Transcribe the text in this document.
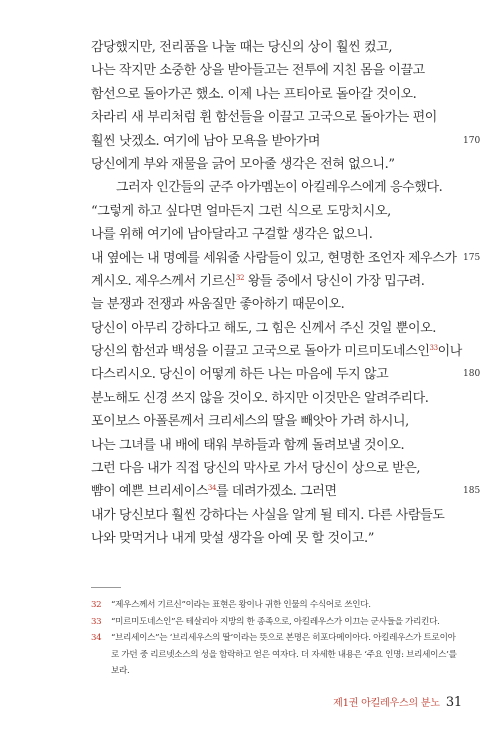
감당했지만, 전리품을 나눌 때는 당신의 상이 훨씬 컸고,
나는 작지만 소중한 상을 받아들고는 전투에 지친 몸을 이끌고
함선으로 돌아가곤 했소. 이제 나는 프티아로 돌아갈 것이오.
차라리 새 부리처럼 휜 함선들을 이끌고 고국으로 돌아가는 편이
훨씬 낫겠소. 여기에 남아 모욕을 받아가며	170
당신에게 부와 재물을 긁어 모아줄 생각은 전혀 없으니.”
그러자 인간들의 군주 아가멤논이 아킬레우스에게 응수했다.
“그렇게 하고 싶다면 얼마든지 그런 식으로 도망치시오,
나를 위해 여기에 남아달라고 구걸할 생각은 없으니.
내 옆에는 내 명예를 세워줄 사람들이 있고, 현명한 조언자 제우스가 175
계시오. 제우스께서 기르신$^{32}$ 왕들 중에서 당신이 가장 밉구려.
늘 분쟁과 전쟁과 싸움질만 좋아하기 때문이오.
당신이 아무리 강하다고 해도, 그 힘은 신께서 주신 것일 뿐이오.
당신의 함선과 백성을 이끌고 고국으로 돌아가 미르미도네스인$^{33}$이나
다스리시오. 당신이 어떻게 하든 나는 마음에 두지 않고	180
분노해도 신경 쓰지 않을 것이오. 하지만 이것만은 알려주리다.
포이보스 아폴론께서 크리세스의 딸을 빼앗아 가려 하시니,
나는 그녀를 내 배에 태워 부하들과 함께 돌려보낼 것이오.
그런 다음 내가 직접 당신의 막사로 가서 당신이 상으로 받은,
뺨이 예쁜 브리세이스$^{34}$를 데려가겠소. 그러면	185
내가 당신보다 훨씬 강하다는 사실을 알게 될 테지. 다른 사람들도
나와 맞먹거나 내게 맞설 생각을 아예 못 할 것이고.”
32 “제우스께서 기르신”이라는 표현은 왕이나 귀한 인물의 수식어로 쓰인다.
33 “미르미도네스인”은 테살리아 지방의 한 종족으로, 아킬레우스가 이끄는 군사들을 가리킨다.
34 “브리세이스”는 ‘브리세우스의 딸’이라는 뜻으로 본명은 히포다메이아다. 아킬레우스가 트로이아로 가던 중 리르넷소스의 성을 함락하고 얻은 여자다. 더 자세한 내용은 ‘주요 인명: 브리세이스’를 보라.
제1권 아킬레우스의 분노 31
